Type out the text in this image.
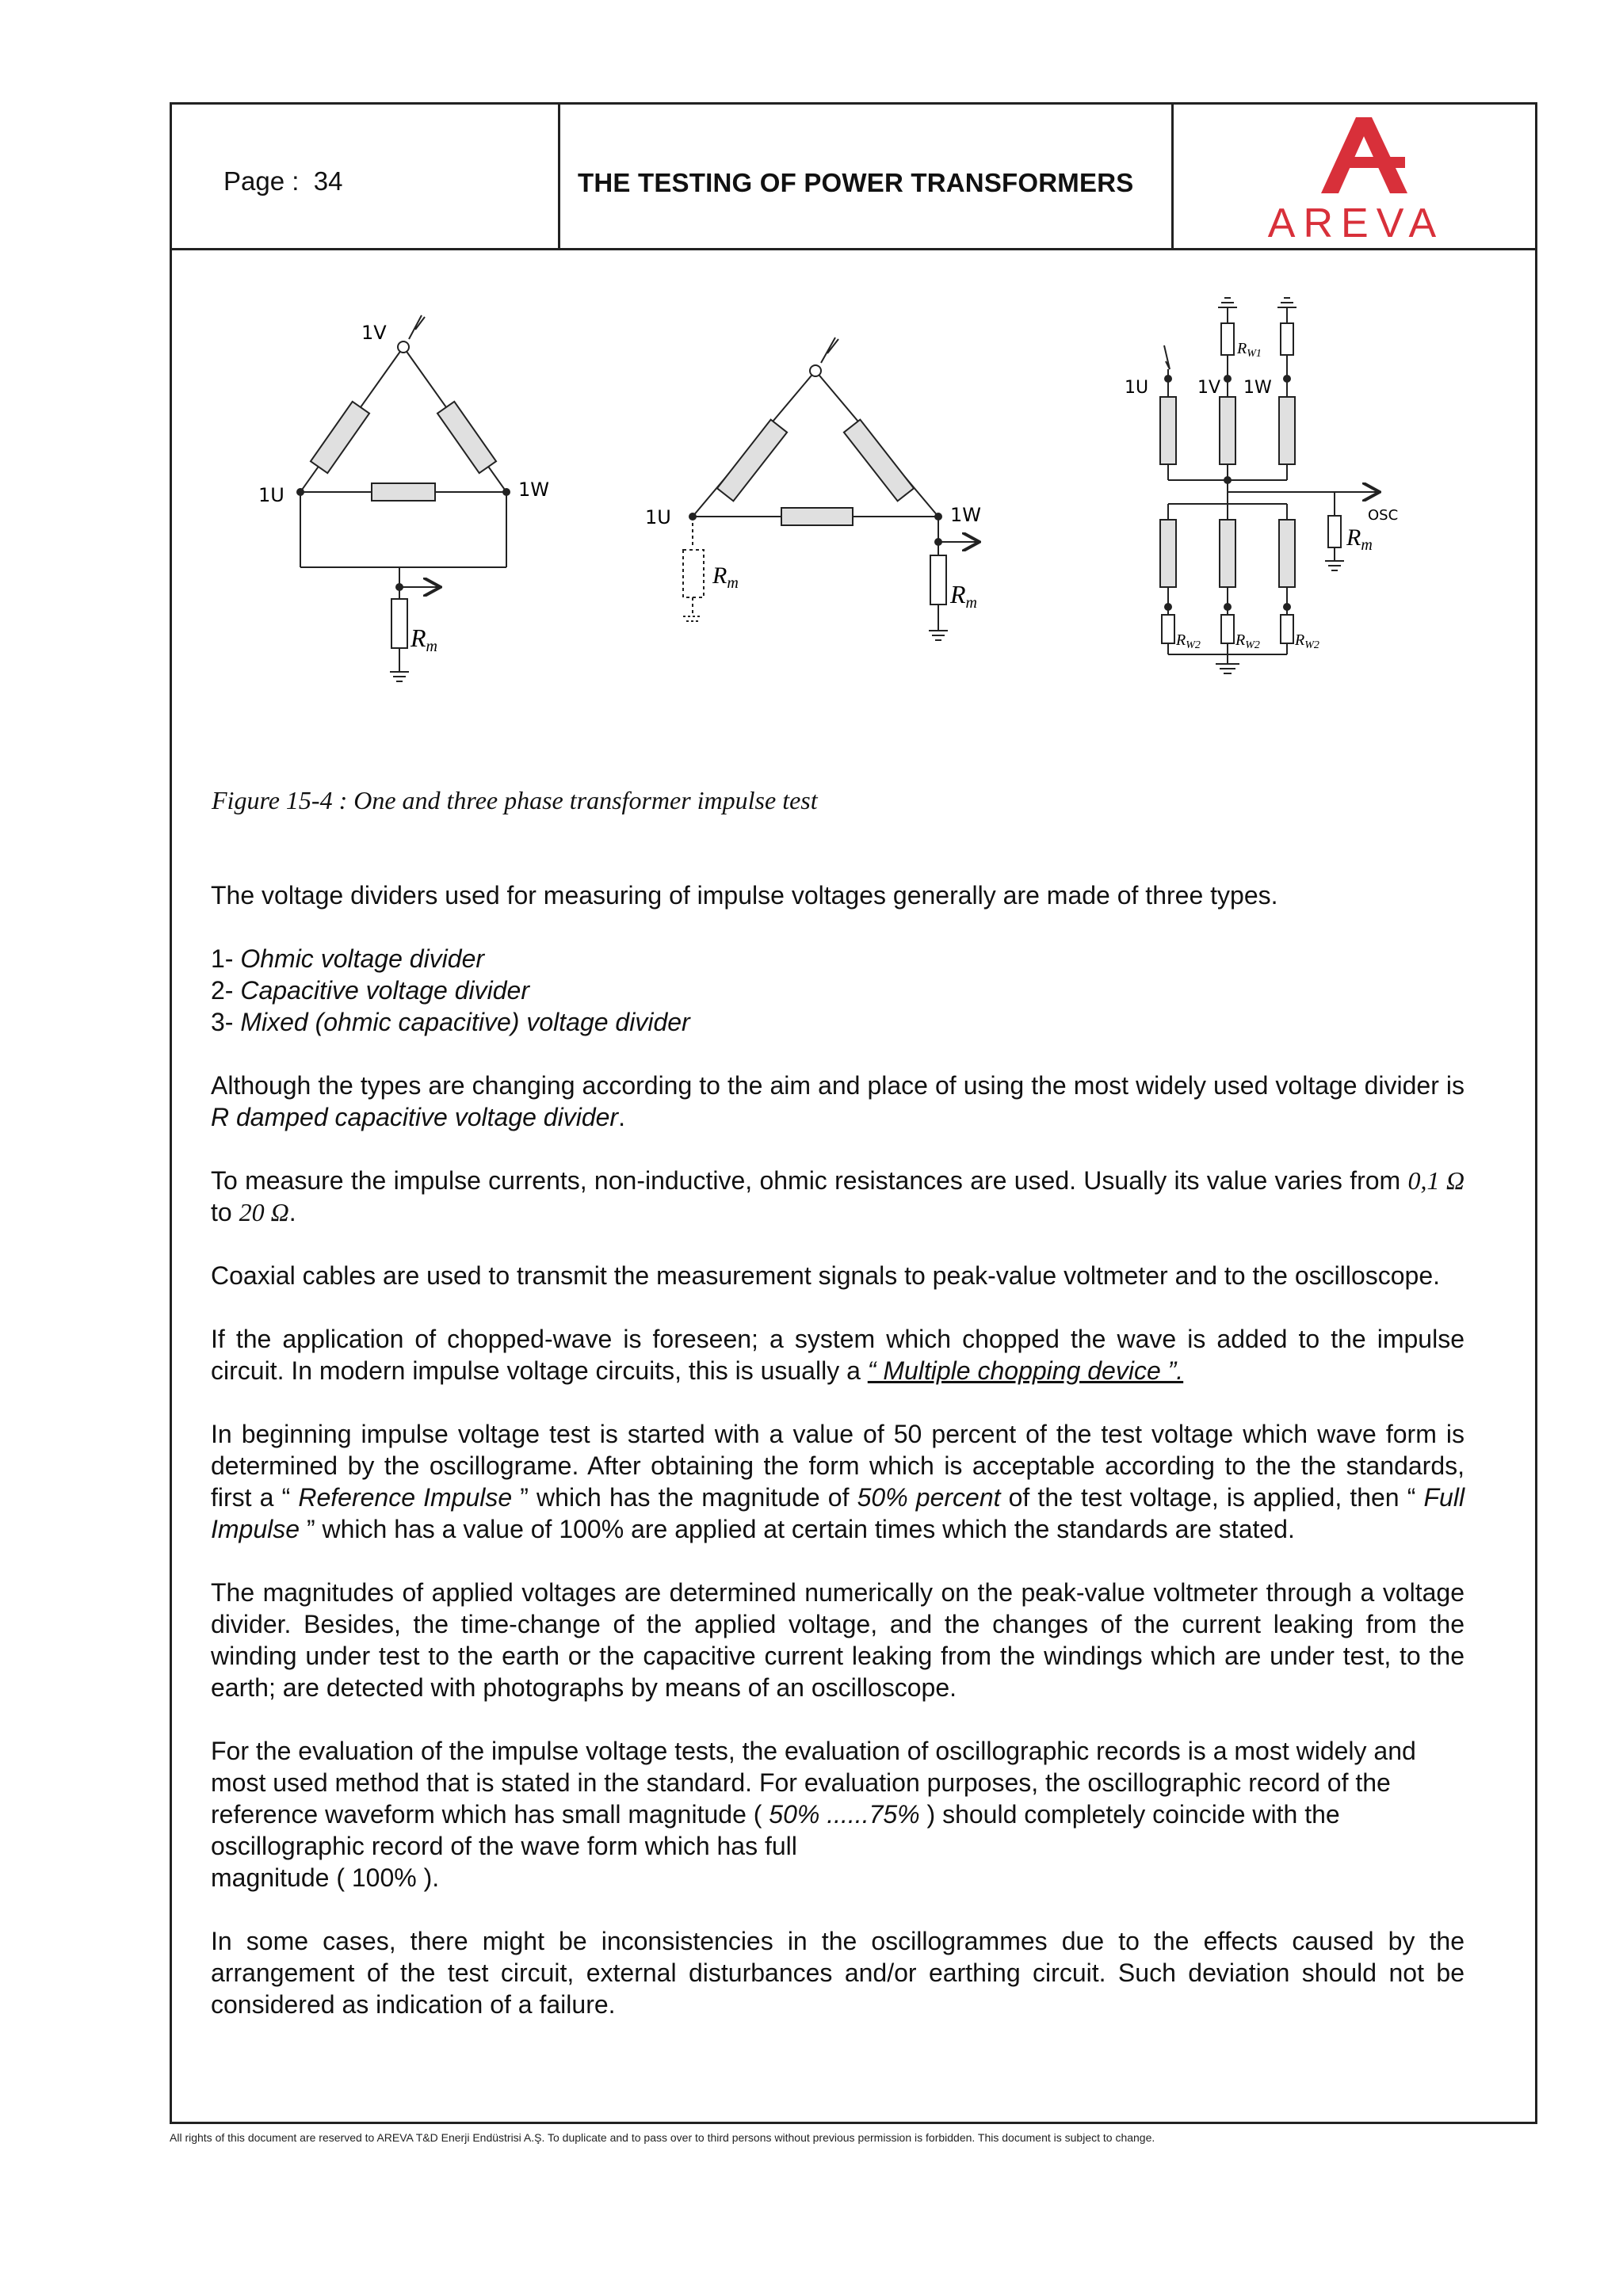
Page : 34	THE TESTING OF POWER TRANSFORMERS
AREVA
1V
1U	1W
Rm
1U	1W
$R_m$	Rm
1U	1V 1W
$R_{W1}$
OSC
$R_m$
$R_{W2}$ $R_{W2}$ $R_{W2}$
Figure 15-4 : One and three phase transformer impulse test

The voltage dividers used for measuring of impulse voltages generally are made of three types.

1- Ohmic voltage divider
2- Capacitive voltage divider
3- Mixed (ohmic capacitive) voltage divider

Although the types are changing according to the aim and place of using the most widely used voltage divider is R damped capacitive voltage divider.

To measure the impulse currents, non-inductive, ohmic resistances are used. Usually its value varies from 0,1 Ω to 20 Ω.

Coaxial cables are used to transmit the measurement signals to peak-value voltmeter and to the oscilloscope.

If the application of chopped-wave is foreseen; a system which chopped the wave is added to the impulse circuit. In modern impulse voltage circuits, this is usually a “ Multiple chopping device ”.

In beginning impulse voltage test is started with a value of 50 percent of the test voltage which wave form is determined by the oscillograme. After obtaining the form which is acceptable according to the the standards, first a “ Reference Impulse ” which has the magnitude of 50% percent of the test voltage, is applied, then “ Full Impulse ” which has a value of 100% are applied at certain times which the standards are stated.

The magnitudes of applied voltages are determined numerically on the peak-value voltmeter through a voltage divider. Besides, the time-change of the applied voltage, and the changes of the current leaking from the winding under test to the earth or the capacitive current leaking from the windings which are under test, to the earth; are detected with photographs by means of an oscilloscope.

For the evaluation of the impulse voltage tests, the evaluation of oscillographic records is a most widely and most used method that is stated in the standard. For evaluation purposes, the oscillographic record of the reference waveform which has small magnitude ( 50% ......75% ) should completely coincide with the oscillographic record of the wave form which has full
magnitude ( 100% ).

In some cases, there might be inconsistencies in the oscillogrammes due to the effects caused by the arrangement of the test circuit, external disturbances and/or earthing circuit. Such deviation should not be considered as indication of a failure.

All rights of this document are reserved to AREVA T&D Enerji Endüstrisi A.Ş. To duplicate and to pass over to third persons without previous permission is forbidden. This document is subject to change.
